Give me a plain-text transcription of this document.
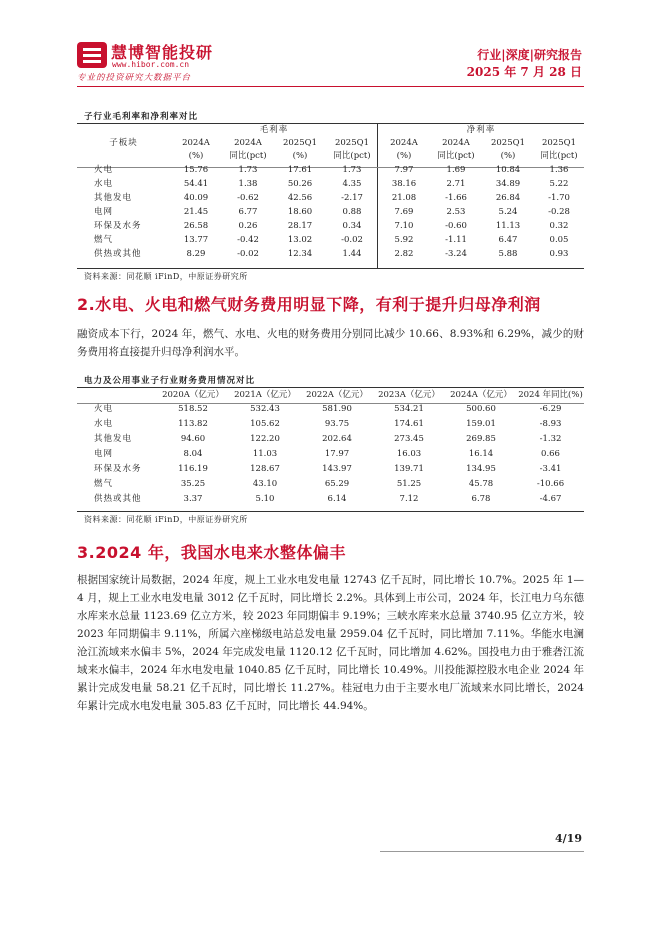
慧博智能投研
www.hibor.com.cn
专业的投资研究大数据平台
行业|深度|研究报告
2025 年 7 月 28 日
子行业毛利率和净利率对比
	毛利率				净利率			
子板块	2024A	2024A	2025Q1	2025Q1	2024A	2024A	2025Q1	2025Q1
	(%)	同比(pct)	(%)	同比(pct)	(%)	同比(pct)	(%)	同比(pct)
火电	15.76	1.73	17.61	1.73	7.97	1.69	10.84	1.36
水电	54.41	1.38	50.26	4.35	38.16	2.71	34.89	5.22
其他发电	40.09	-0.62	42.56	-2.17	21.08	-1.66	26.84	-1.70
电网	21.45	6.77	18.60	0.88	7.69	2.53	5.24	-0.28
环保及水务	26.58	0.26	28.17	0.34	7.10	-0.60	11.13	0.32
燃气	13.77	-0.42	13.02	-0.02	5.92	-1.11	6.47	0.05
供热或其他	8.29	-0.02	12.34	1.44	2.82	-3.24	5.88	0.93
资料来源：同花顺 iFinD，中原证券研究所
2.水电、火电和燃气财务费用明显下降，有利于提升归母净利润
融资成本下行，2024 年，燃气、水电、火电的财务费用分别同比减少 10.66、8.93%和 6.29%，减少的财务费用将直接提升归母净利润水平。
电力及公用事业子行业财务费用情况对比
	2020A（亿元）	2021A（亿元）	2022A（亿元）	2023A（亿元）	2024A（亿元）	2024 年同比(%)
火电	518.52	532.43	581.90	534.21	500.60	-6.29
水电	113.82	105.62	93.75	174.61	159.01	-8.93
其他发电	94.60	122.20	202.64	273.45	269.85	-1.32
电网	8.04	11.03	17.97	16.03	16.14	0.66
环保及水务	116.19	128.67	143.97	139.71	134.95	-3.41
燃气	35.25	43.10	65.29	51.25	45.78	-10.66
供热或其他	3.37	5.10	6.14	7.12	6.78	-4.67
资料来源：同花顺 iFinD，中原证券研究所
3.2024 年，我国水电来水整体偏丰
根据国家统计局数据，2024 年度，规上工业水电发电量 12743 亿千瓦时，同比增长 10.7%。2025 年 1—4 月，规上工业水电发电量 3012 亿千瓦时，同比增长 2.2%。具体到上市公司，2024 年，长江电力乌东德水库来水总量 1123.69 亿立方米，较 2023 年同期偏丰 9.19%；三峡水库来水总量 3740.95 亿立方米，较 2023 年同期偏丰 9.11%，所属六座梯级电站总发电量 2959.04 亿千瓦时，同比增加 7.11%。华能水电澜沧江流域来水偏丰 5%，2024 年完成发电量 1120.12 亿千瓦时，同比增加 4.62%。国投电力由于雅砻江流域来水偏丰，2024 年水电发电量 1040.85 亿千瓦时，同比增长 10.49%。川投能源控股水电企业 2024 年累计完成发电量 58.21 亿千瓦时，同比增长 11.27%。桂冠电力由于主要水电厂流域来水同比增长，2024 年累计完成水电发电量 305.83 亿千瓦时，同比增长 44.94%。
4/19
